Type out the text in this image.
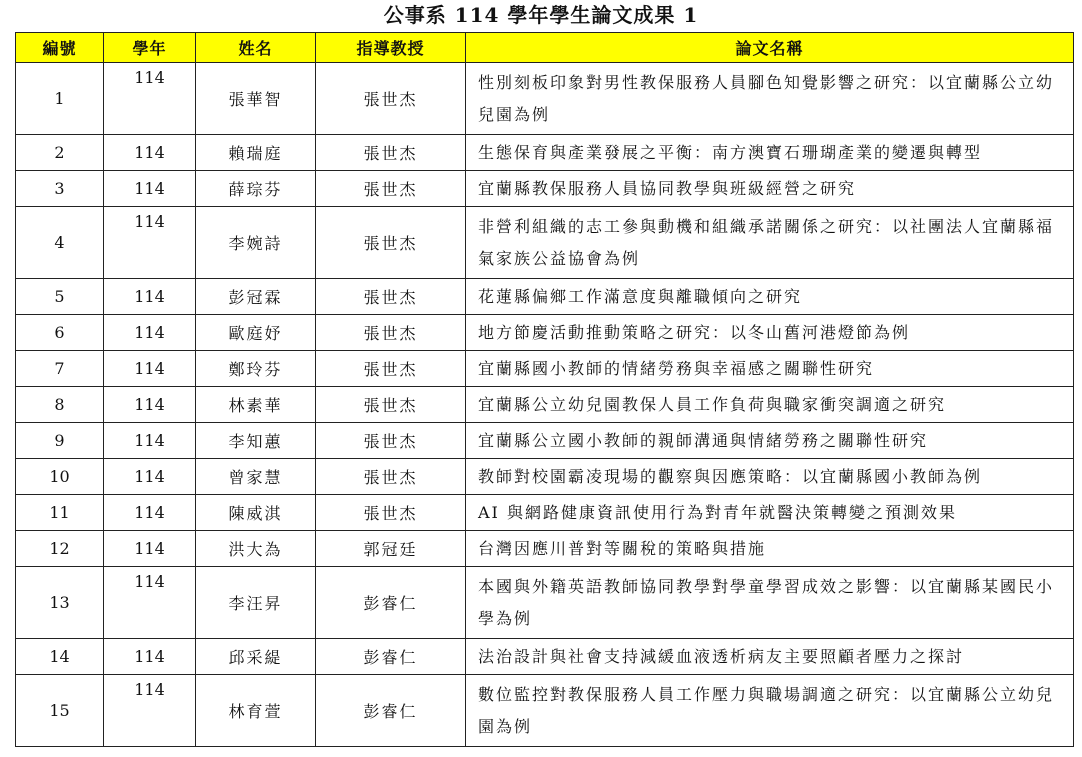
公事系 114 學年學生論文成果 1
編號	學年	姓名	指導教授	論文名稱
1	114	張華智	張世杰	性別刻板印象對男性教保服務人員腳色知覺影響之研究：以宜蘭縣公立幼兒園為例
2	114	賴瑞庭	張世杰	生態保育與產業發展之平衡：南方澳寶石珊瑚產業的變遷與轉型
3	114	薛琮芬	張世杰	宜蘭縣教保服務人員協同教學與班級經營之研究
4	114	李婉詩	張世杰	非營利組織的志工參與動機和組織承諾關係之研究：以社團法人宜蘭縣福氣家族公益協會為例
5	114	彭冠霖	張世杰	花蓮縣偏鄉工作滿意度與離職傾向之研究
6	114	歐庭妤	張世杰	地方節慶活動推動策略之研究：以冬山舊河港燈節為例
7	114	鄭玲芬	張世杰	宜蘭縣國小教師的情緒勞務與幸福感之關聯性研究
8	114	林素華	張世杰	宜蘭縣公立幼兒園教保人員工作負荷與職家衝突調適之研究
9	114	李知蕙	張世杰	宜蘭縣公立國小教師的親師溝通與情緒勞務之關聯性研究
10	114	曾家慧	張世杰	教師對校園霸凌現場的觀察與因應策略：以宜蘭縣國小教師為例
11	114	陳威淇	張世杰	AI 與網路健康資訊使用行為對青年就醫決策轉變之預測效果
12	114	洪大為	郭冠廷	台灣因應川普對等關稅的策略與措施
13	114	李汪昇	彭睿仁	本國與外籍英語教師協同教學對學童學習成效之影響：以宜蘭縣某國民小學為例
14	114	邱采緹	彭睿仁	法治設計與社會支持減緩血液透析病友主要照顧者壓力之探討
15	114	林育萱	彭睿仁	數位監控對教保服務人員工作壓力與職場調適之研究：以宜蘭縣公立幼兒園為例
